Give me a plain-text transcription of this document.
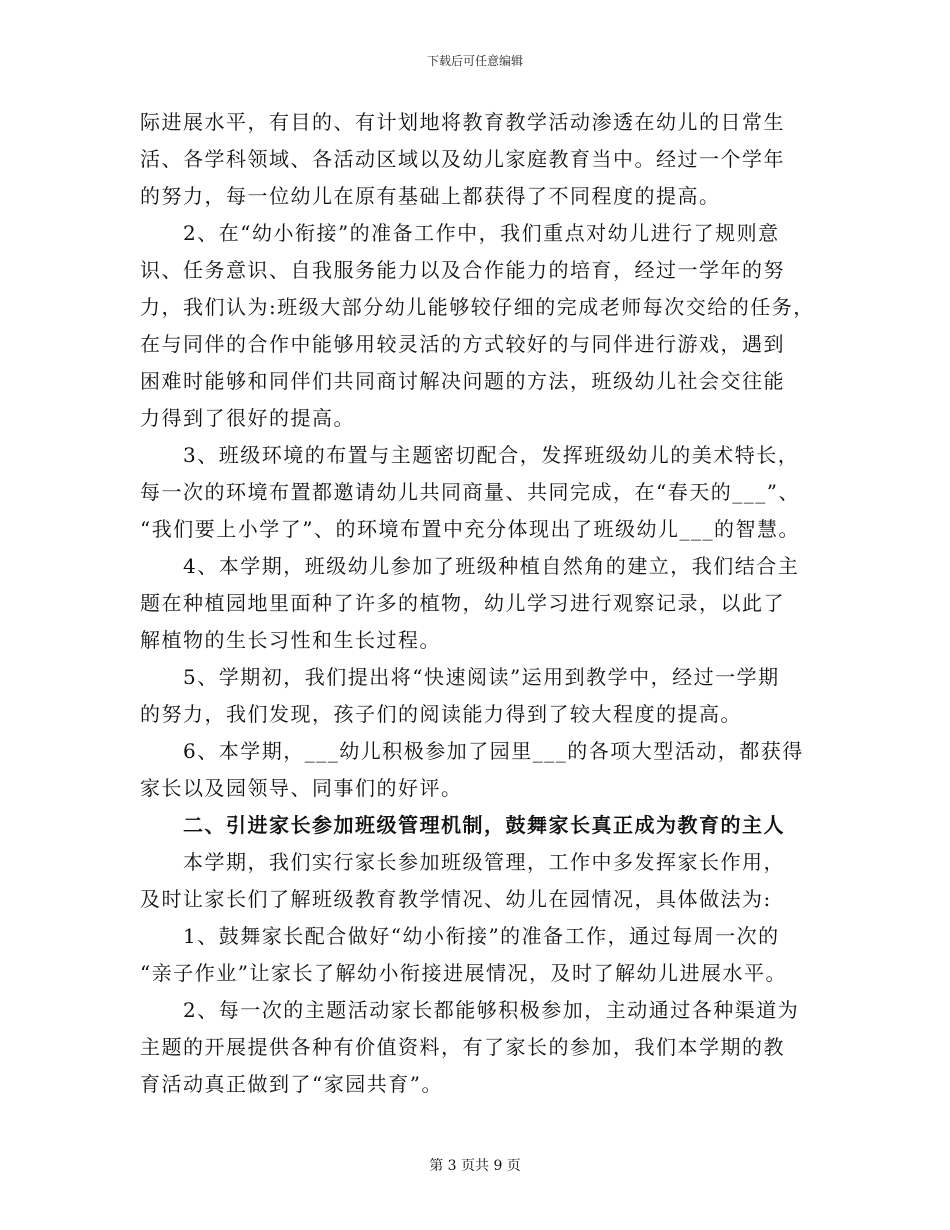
下载后可任意编辑
际进展水平，有目的、有计划地将教育教学活动渗透在幼儿的日常生
活、各学科领域、各活动区域以及幼儿家庭教育当中。经过一个学年
的努力，每一位幼儿在原有基础上都获得了不同程度的提高。
2、在“幼小衔接”的准备工作中，我们重点对幼儿进行了规则意
识、任务意识、自我服务能力以及合作能力的培育，经过一学年的努
力，我们认为:班级大部分幼儿能够较仔细的完成老师每次交给的任务，
在与同伴的合作中能够用较灵活的方式较好的与同伴进行游戏，遇到
困难时能够和同伴们共同商讨解决问题的方法，班级幼儿社会交往能
力得到了很好的提高。
3、班级环境的布置与主题密切配合，发挥班级幼儿的美术特长，
每一次的环境布置都邀请幼儿共同商量、共同完成，在“春天的___”、
“我们要上小学了”、的环境布置中充分体现出了班级幼儿___的智慧。
4、本学期，班级幼儿参加了班级种植自然角的建立，我们结合主
题在种植园地里面种了许多的植物，幼儿学习进行观察记录，以此了
解植物的生长习性和生长过程。
5、学期初，我们提出将“快速阅读”运用到教学中，经过一学期
的努力，我们发现，孩子们的阅读能力得到了较大程度的提高。
6、本学期，___幼儿积极参加了园里___的各项大型活动，都获得
家长以及园领导、同事们的好评。
二、引进家长参加班级管理机制，鼓舞家长真正成为教育的主人
本学期，我们实行家长参加班级管理，工作中多发挥家长作用，
及时让家长们了解班级教育教学情况、幼儿在园情况，具体做法为:
1、鼓舞家长配合做好“幼小衔接”的准备工作，通过每周一次的
“亲子作业”让家长了解幼小衔接进展情况，及时了解幼儿进展水平。
2、每一次的主题活动家长都能够积极参加，主动通过各种渠道为
主题的开展提供各种有价值资料，有了家长的参加，我们本学期的教
育活动真正做到了“家园共育”。
第 3 页共 9 页
